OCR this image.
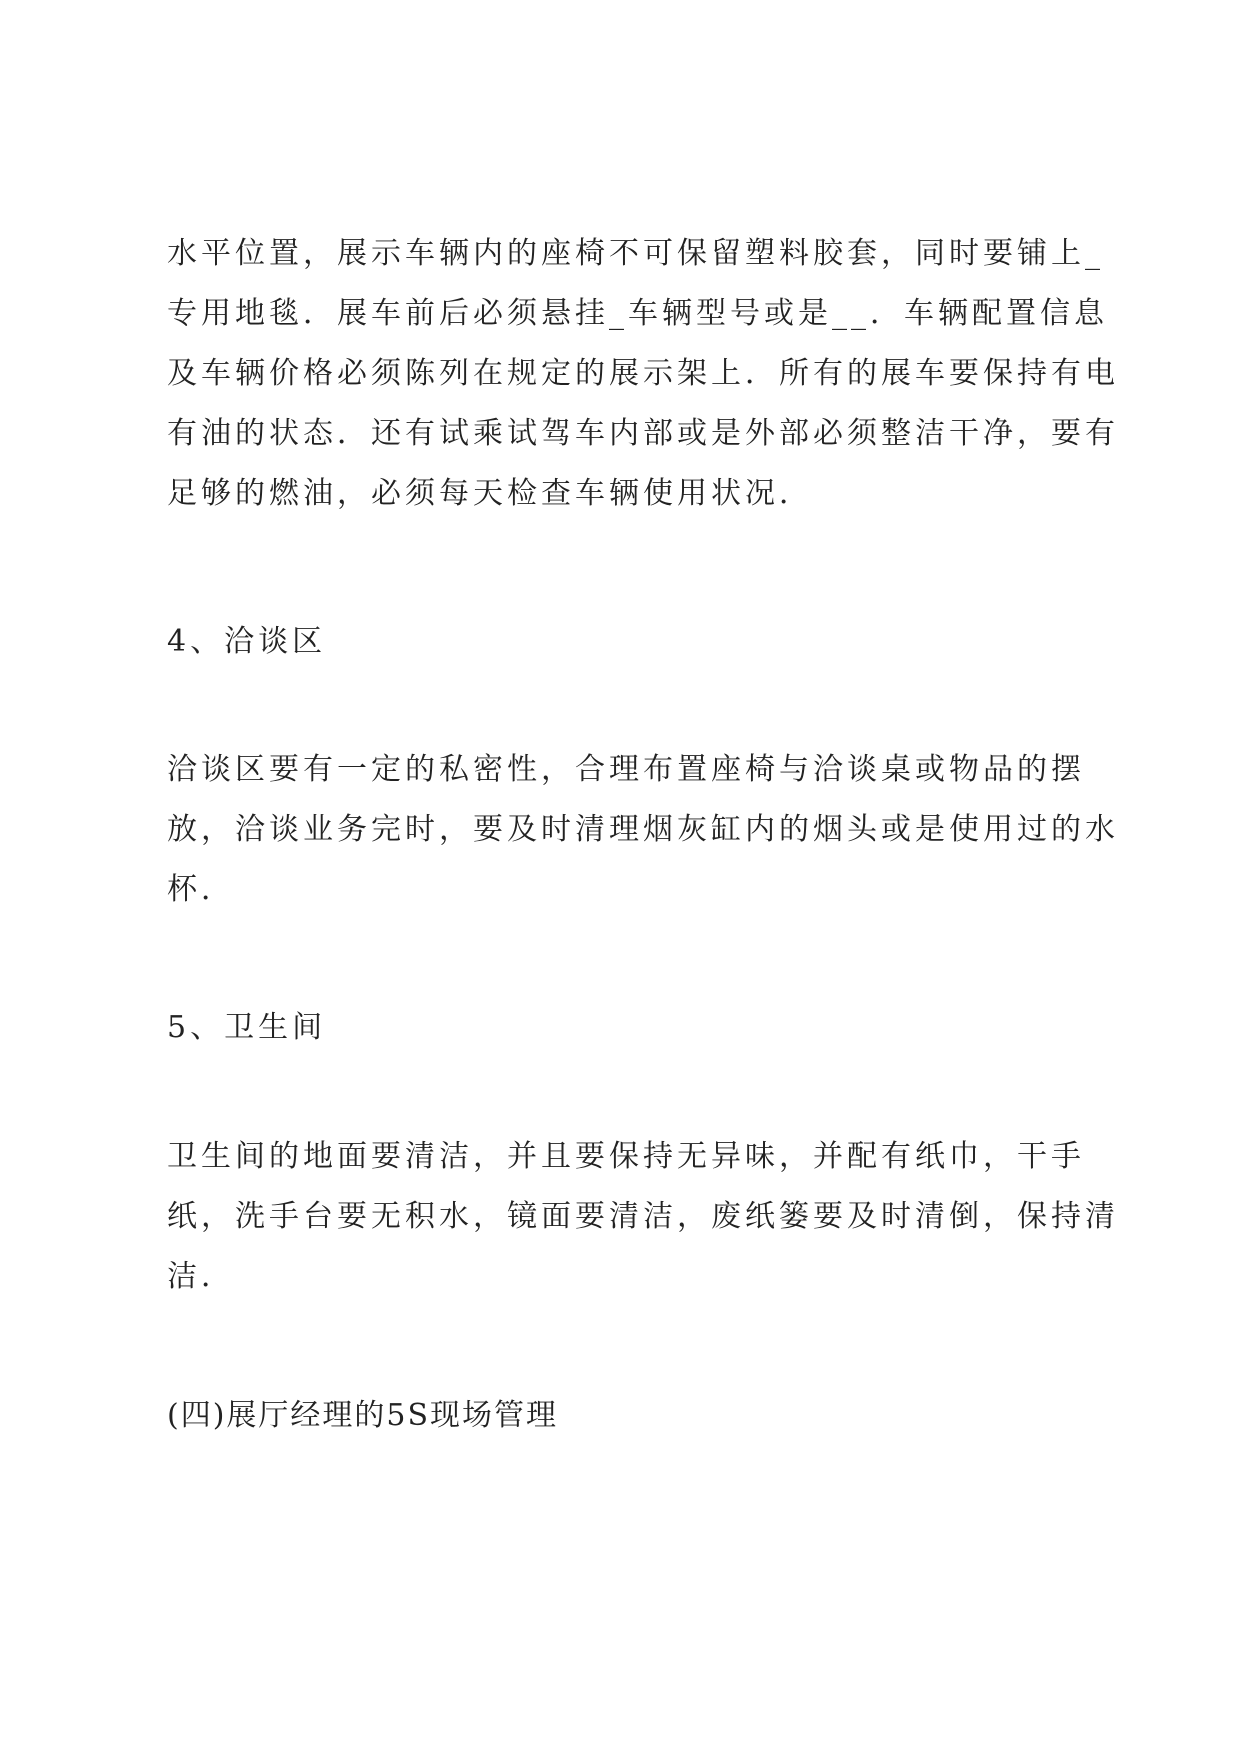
水平位置，展示车辆内的座椅不可保留塑料胶套，同时要铺上_
专用地毯．展车前后必须悬挂_车辆型号或是__．车辆配置信息
及车辆价格必须陈列在规定的展示架上．所有的展车要保持有电
有油的状态．还有试乘试驾车内部或是外部必须整洁干净，要有
足够的燃油，必须每天检查车辆使用状况．

4、洽谈区

洽谈区要有一定的私密性，合理布置座椅与洽谈桌或物品的摆
放，洽谈业务完时，要及时清理烟灰缸内的烟头或是使用过的水
杯．

5、卫生间

卫生间的地面要清洁，并且要保持无异味，并配有纸巾，干手
纸，洗手台要无积水，镜面要清洁，废纸篓要及时清倒，保持清
洁．

(四)展厅经理的5S现场管理
